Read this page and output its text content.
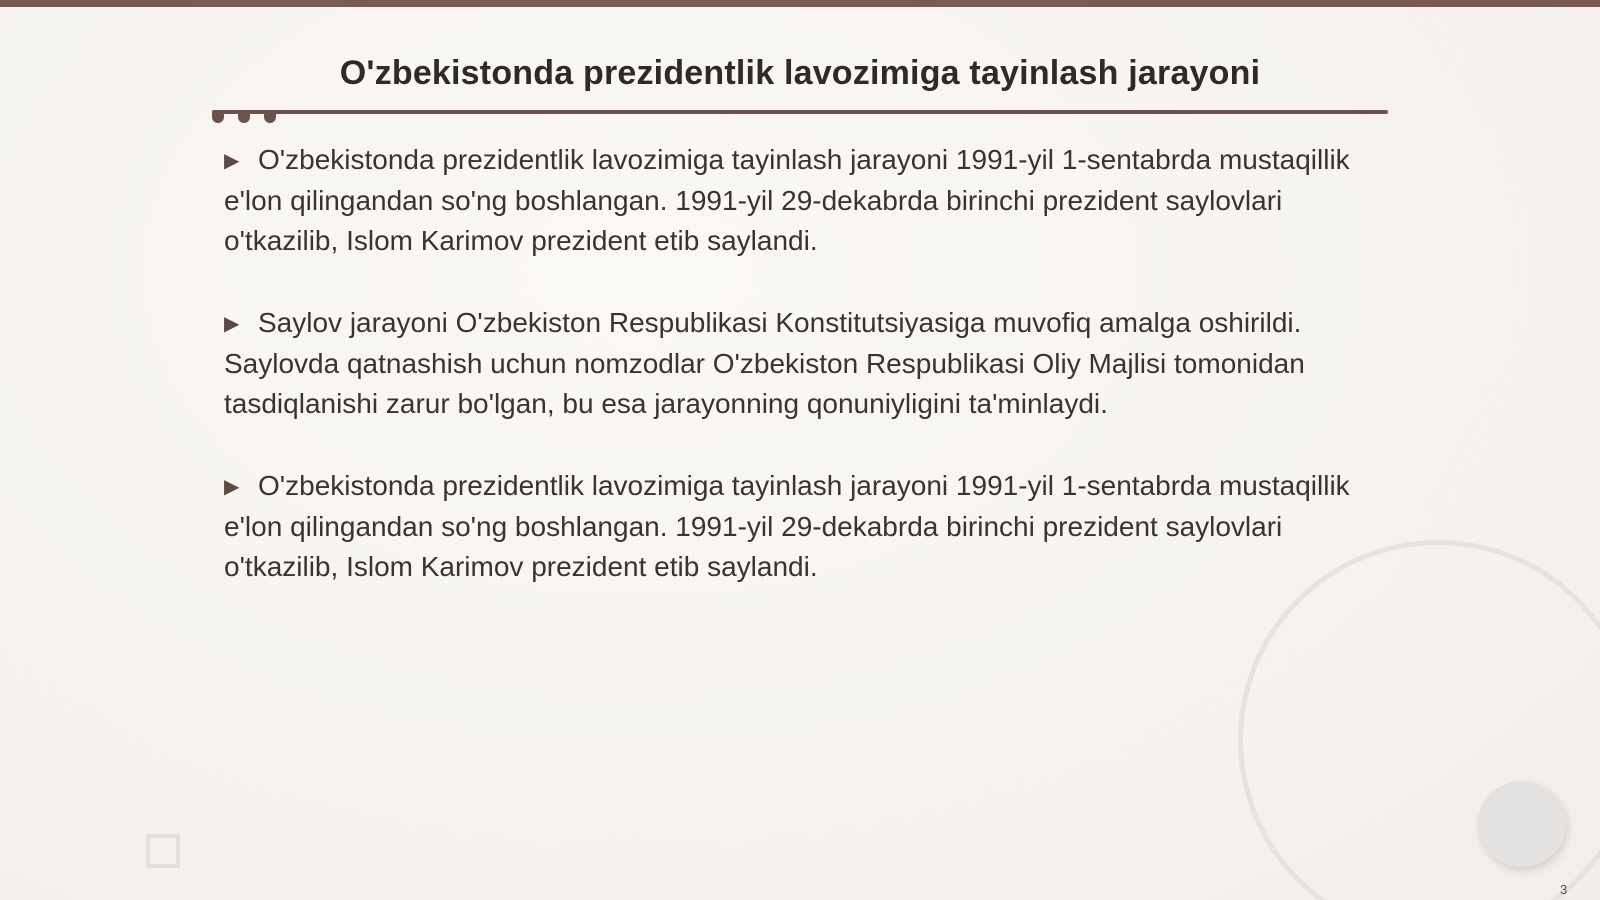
O'zbekistonda prezidentlik lavozimiga tayinlash jarayoni

▶ O'zbekistonda prezidentlik lavozimiga tayinlash jarayoni 1991-yil 1-sentabrda mustaqillik e'lon qilingandan so'ng boshlangan. 1991-yil 29-dekabrda birinchi prezident saylovlari o'tkazilib, Islom Karimov prezident etib saylandi.

▶ Saylov jarayoni O'zbekiston Respublikasi Konstitutsiyasiga muvofiq amalga oshirildi. Saylovda qatnashish uchun nomzodlar O'zbekiston Respublikasi Oliy Majlisi tomonidan tasdiqlanishi zarur bo'lgan, bu esa jarayonning qonuniyligini ta'minlaydi.

▶ O'zbekistonda prezidentlik lavozimiga tayinlash jarayoni 1991-yil 1-sentabrda mustaqillik e'lon qilingandan so'ng boshlangan. 1991-yil 29-dekabrda birinchi prezident saylovlari o'tkazilib, Islom Karimov prezident etib saylandi.

3
